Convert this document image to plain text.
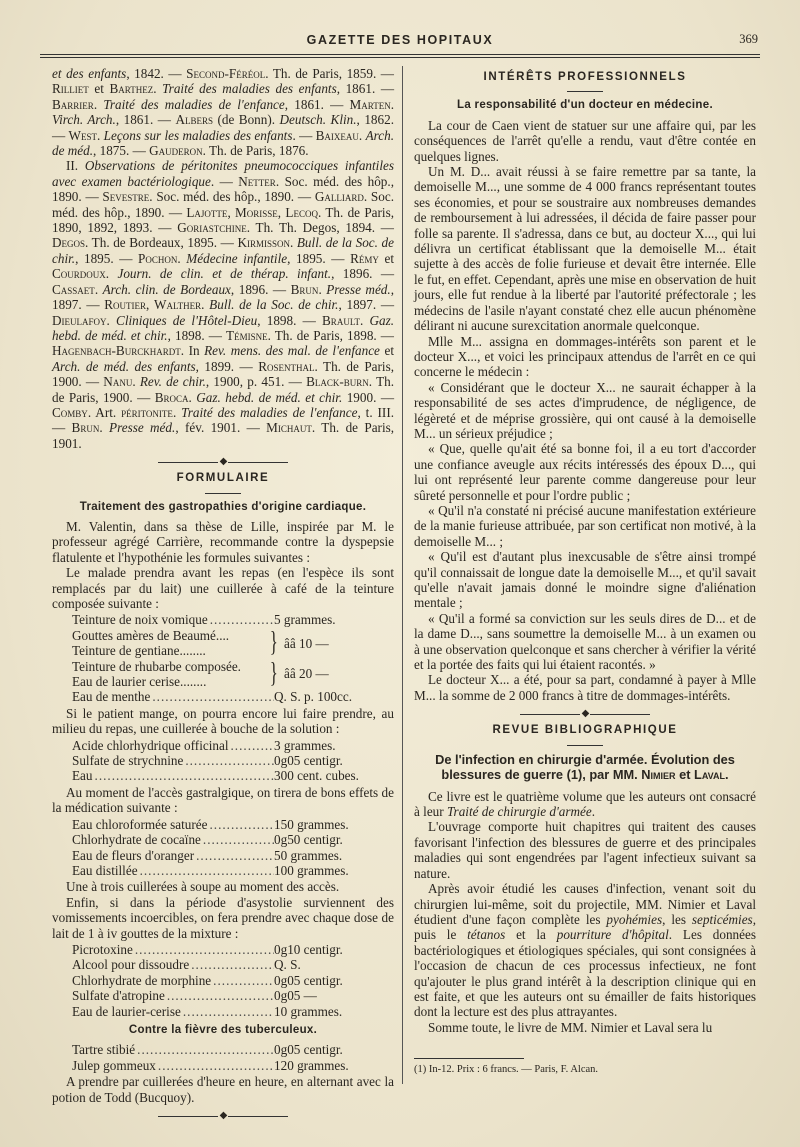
GAZETTE DES HOPITAUX	369

et des enfants, 1842. — Second-Féréol. Th. de Paris, 1859. — Rilliet et Barthez. Traité des maladies des enfants, 1861. — Barrier. Traité des maladies de l'enfance, 1861. — Marten. Virch. Arch., 1861. — Albers (de Bonn). Deutsch. Klin., 1862. — West. Leçons sur les maladies des enfants. — Baixeau. Arch. de méd., 1875. — Gauderon. Th. de Paris, 1876.

II. Observations de péritonites pneumococciques infantiles avec examen bactériologique. — Netter. Soc. méd. des hôp., 1890. — Sevestre. Soc. méd. des hôp., 1890. — Galliard. Soc. méd. des hôp., 1890. — Lajotte, Morisse, Lecoq. Th. de Paris, 1890, 1892, 1893. — Goriastchine. Th. Th. Degos, 1894. — Degos. Th. de Bordeaux, 1895. — Kirmisson. Bull. de la Soc. de chir., 1895. — Pochon. Médecine infantile, 1895. — Rémy et Courdoux. Journ. de clin. et de thérap. infant., 1896. — Cassaet. Arch. clin. de Bordeaux, 1896. — Brun. Presse méd., 1897. — Routier, Walther. Bull. de la Soc. de chir., 1897. — Dieulafoy. Cliniques de l'Hôtel-Dieu, 1898. — Brault. Gaz. hebd. de méd. et chir., 1898. — Témisne. Th. de Paris, 1898. — Hagenbach-Burckhardt. In Rev. mens. des mal. de l'enfance et Arch. de méd. des enfants, 1899. — Rosenthal. Th. de Paris, 1900. — Nanu. Rev. de chir., 1900, p. 451. — Black-burn. Th. de Paris, 1900. — Broca. Gaz. hebd. de méd. et chir. 1900. — Comby. Art. péritonite. Traité des maladies de l'enfance, t. III. — Brun. Presse méd., fév. 1901. — Michaut. Th. de Paris, 1901.

◆
FORMULAIRE
Traitement des gastropathies d'origine cardiaque.

M. Valentin, dans sa thèse de Lille, inspirée par M. le professeur agrégé Carrière, recommande contre la dyspepsie flatulente et l'hypothénie les formules suivantes :

Le malade prendra avant les repas (en l'espèce ils sont remplacés par du lait) une cuillerée à café de la teinture composée suivante :

Teinture de noix vomique .....	5 grammes.
Gouttes amères de Beaumé....
Teinture de gentiane........	} ââ 10 —
Teinture de rhubarbe composée.
Eau de laurier cerise........	} ââ 20 —
Eau de menthe .....	Q. S. p. 100cc.

Si le patient mange, on pourra encore lui faire prendre, au milieu du repas, une cuillerée à bouche de la solution :

Acide chlorhydrique officinal .....	3 grammes.
Sulfate de strychnine .....	0g05 centigr.
Eau .....	300 cent. cubes.

Au moment de l'accès gastralgique, on tirera de bons effets de la médication suivante :

Eau chloroformée saturée .....	150 grammes.
Chlorhydrate de cocaïne .....	0g50 centigr.
Eau de fleurs d'oranger .....	50 grammes.
Eau distillée .....	100 grammes.

Une à trois cuillerées à soupe au moment des accès.

Enfin, si dans la période d'asystolie surviennent des vomissements incoercibles, on fera prendre avec chaque dose de lait de 1 à iv gouttes de la mixture :

Picrotoxine .....	0g10 centigr.
Alcool pour dissoudre .....	Q. S.
Chlorhydrate de morphine .....	0g05 centigr.
Sulfate d'atropine .....	0g05 —
Eau de laurier-cerise .....	10 grammes.
Contre la fièvre des tuberculeux.
Tartre stibié .....	0g05 centigr.
Julep gommeux .....	120 grammes.

A prendre par cuillerées d'heure en heure, en alternant avec la potion de Todd (Bucquoy).

◆
INTÉRÊTS PROFESSIONNELS
La responsabilité d'un docteur en médecine.

La cour de Caen vient de statuer sur une affaire qui, par les conséquences de l'arrêt qu'elle a rendu, vaut d'être contée en quelques lignes.

Un M. D... avait réussi à se faire remettre par sa tante, la demoiselle M..., une somme de 4 000 francs représentant toutes ses économies, et pour se soustraire aux nombreuses demandes de remboursement à lui adressées, il décida de faire passer pour folle sa parente. Il s'adressa, dans ce but, au docteur X..., qui lui délivra un certificat établissant que la demoiselle M... était sujette à des accès de folie furieuse et devait être internée. Elle le fut, en effet. Cependant, après une mise en observation de huit jours, elle fut rendue à la liberté par l'autorité préfectorale ; les médecins de l'asile n'ayant constaté chez elle aucun phénomène délirant ni aucune surexcitation anormale quelconque.

Mlle M... assigna en dommages-intérêts son parent et le docteur X..., et voici les principaux attendus de l'arrêt en ce qui concerne le médecin :

« Considérant que le docteur X... ne saurait échapper à la responsabilité de ses actes d'imprudence, de négligence, de légèreté et de méprise grossière, qui ont causé à la demoiselle M... un sérieux préjudice ;

« Que, quelle qu'ait été sa bonne foi, il a eu tort d'accorder une confiance aveugle aux récits intéressés des époux D..., qui lui ont représenté leur parente comme dangereuse pour leur sûreté personnelle et pour l'ordre public ;

« Qu'il n'a constaté ni précisé aucune manifestation extérieure de la manie furieuse attribuée, par son certificat non motivé, à la demoiselle M... ;

« Qu'il est d'autant plus inexcusable de s'être ainsi trompé qu'il connaissait de longue date la demoiselle M..., et qu'il savait qu'elle n'avait jamais donné le moindre signe d'aliénation mentale ;

« Qu'il a formé sa conviction sur les seuls dires de D... et de la dame D..., sans soumettre la demoiselle M... à un examen ou à une observation quelconque et sans chercher à vérifier la vérité et la portée des faits qui lui étaient racontés. »

Le docteur X... a été, pour sa part, condamné à payer à Mlle M... la somme de 2 000 francs à titre de dommages-intérêts.

◆
REVUE BIBLIOGRAPHIQUE
De l'infection en chirurgie d'armée. Évolution des blessures de guerre (1), par MM. Nimier et Laval.

Ce livre est le quatrième volume que les auteurs ont consacré à leur Traité de chirurgie d'armée.

L'ouvrage comporte huit chapitres qui traitent des causes favorisant l'infection des blessures de guerre et des principales maladies qui sont engendrées par l'agent infectieux suivant sa nature.

Après avoir étudié les causes d'infection, venant soit du chirurgien lui-même, soit du projectile, MM. Nimier et Laval étudient d'une façon complète les pyohémies, les septicémies, puis le tétanos et la pourriture d'hôpital. Les données bactériologiques et étiologiques spéciales, qui sont consignées à l'occasion de chacun de ces processus infectieux, ne font qu'ajouter le plus grand intérêt à la description clinique qui en est faite, et que les auteurs ont su émailler de faits historiques dont la lecture est des plus attrayantes.

Somme toute, le livre de MM. Nimier et Laval sera lu

(1) In-12. Prix : 6 francs. — Paris, F. Alcan.
